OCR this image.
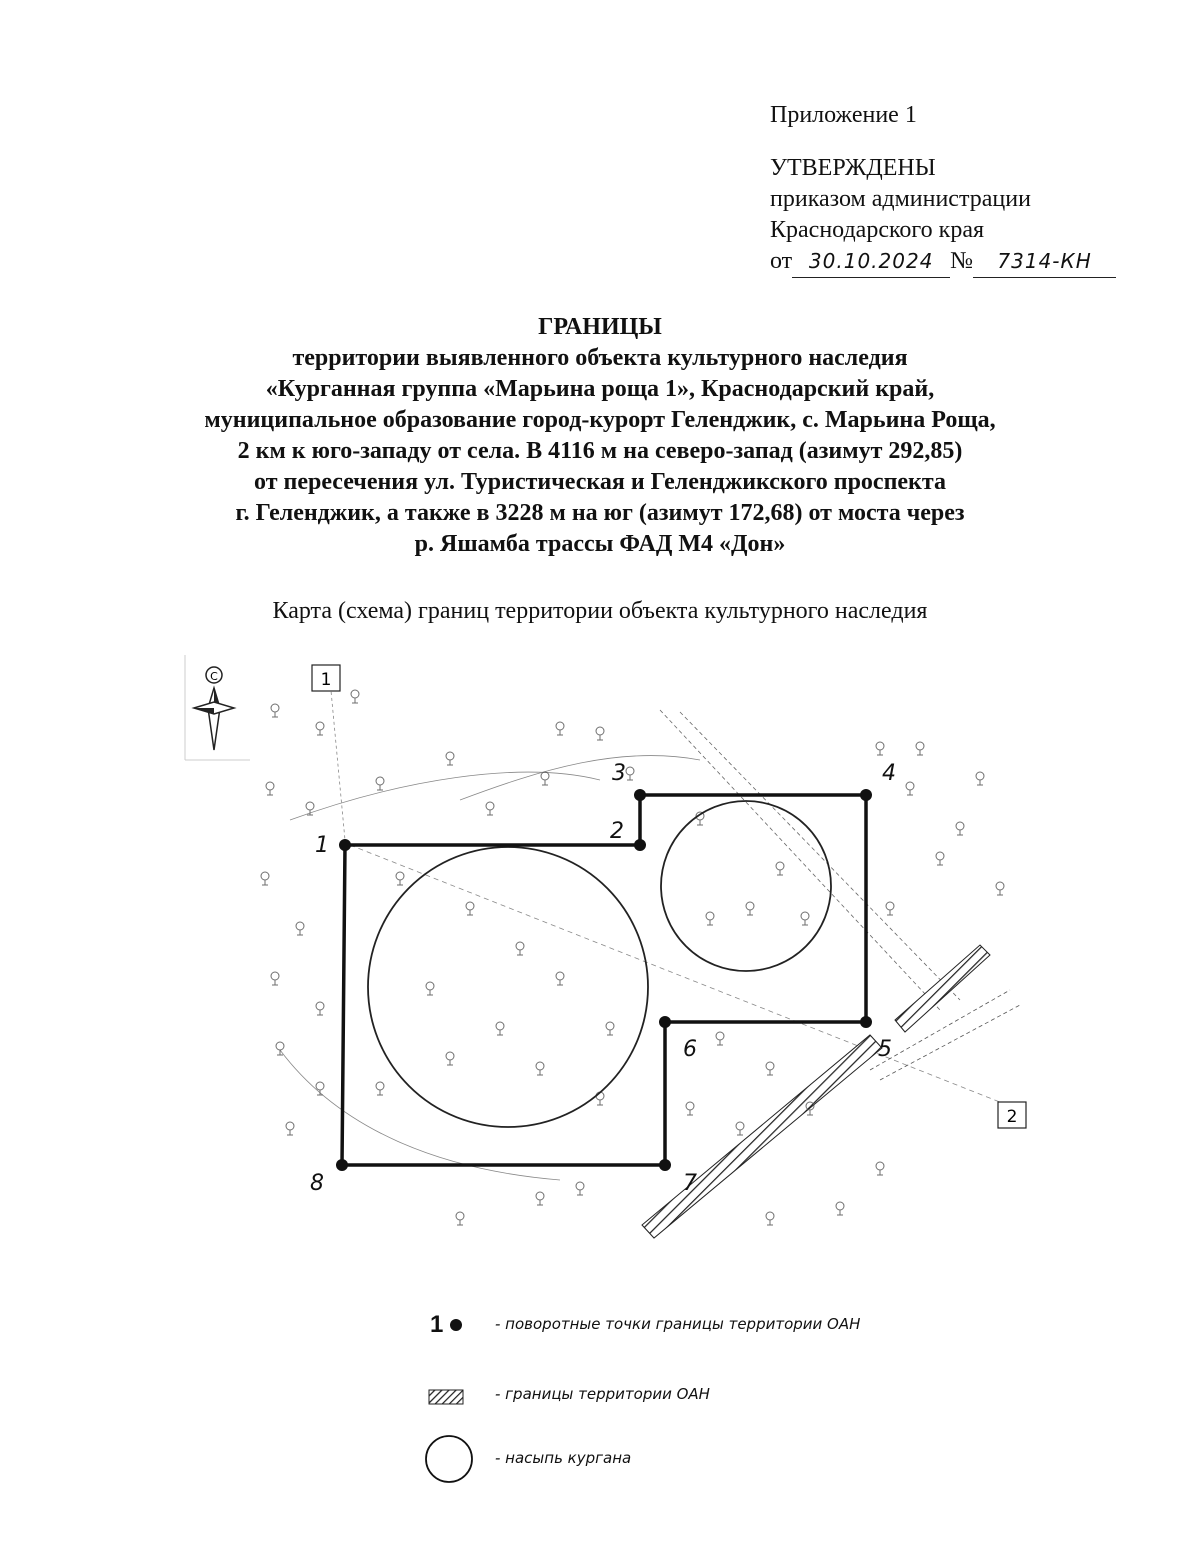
Приложение 1
УТВЕРЖДЕНЫ
приказом администрации
Краснодарского края
от 30.10.2024 № 7314-КН
ГРАНИЦЫ
территории выявленного объекта культурного наследия
«Курганная группа «Марьина роща 1», Краснодарский край,
муниципальное образование город-курорт Геленджик, с. Марьина Роща,
2 км к юго-западу от села. В 4116 м на северо-запад (азимут 292,85)
от пересечения ул. Туристическая и Геленджикского проспекта
г. Геленджик, а также в 3228 м на юг (азимут 172,68) от моста через
р. Яшамба трассы ФАД М4 «Дон»
Карта (схема) границ территории объекта культурного наследия
С
1
2
3	4
5
6
7
8
1
2
1	- поворотные точки границы территории ОАН
- границы территории ОАН
- насыпь кургана
